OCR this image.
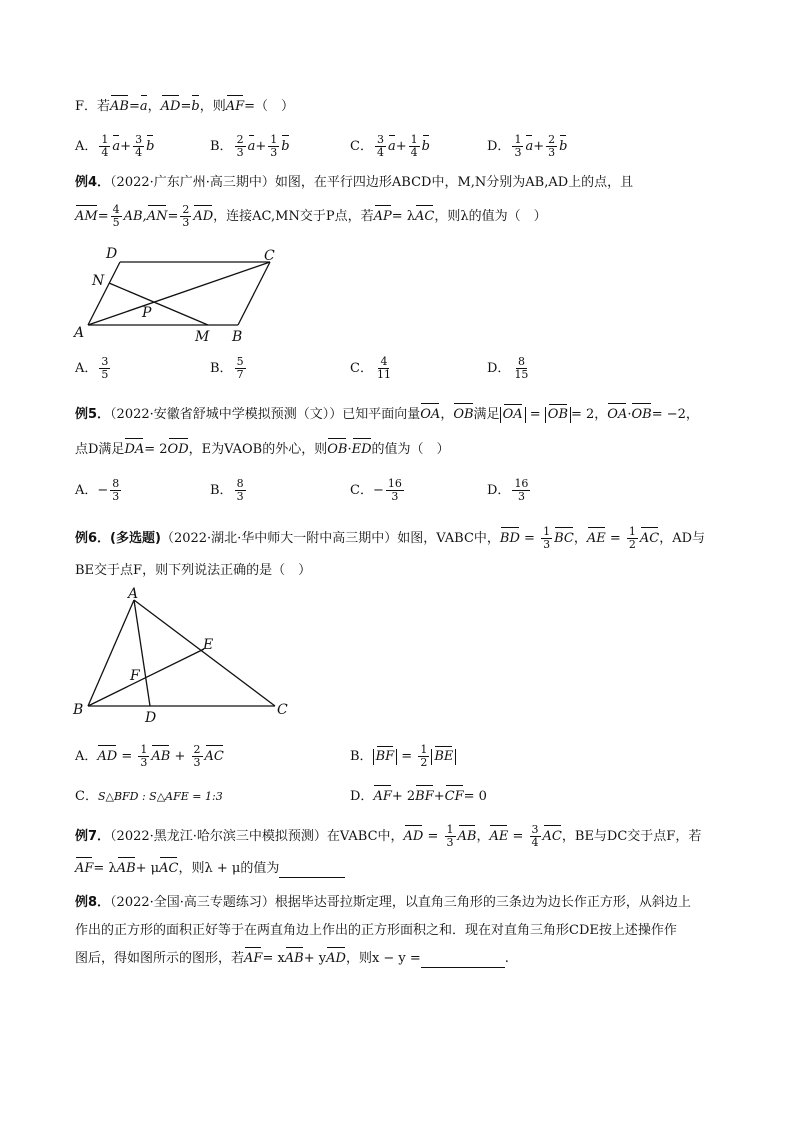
F．若AB=a，AD=b，则AF=（　）
A． $\frac{1}{4} a+ \frac{3}{4}$ b	B． $\frac{2}{3} a+ \frac{1}{3}$ b	C． $\frac{3}{4} a+ \frac{1}{4}$ b	D． $\frac{1}{3} a+ \frac{2}{3}$ b
例4．（2022·广东广州·高三期中）如图，在平行四边形ABCD中，M,N分别为AB,AD上的点，且
$AM= \frac{4}{5} AB,AN= \frac{2}{3}$ AD，连接AC,MN交于P点，若AP= λAC，则λ的值为（　）
D	C
N
P
A	M B
A． $\frac{3}{5}$	B． $\frac{5}{7}$	C． $\frac{4}{11}$	D． $\frac{8}{15}$
例5．（2022·安徽省舒城中学模拟预测（文））已知平面向量OA，OB满足 OA = OB = 2，OA·OB= −2，
点D满足DA= 2OD，E为VAOB的外心，则OB·ED的值为（　）
A．− $\frac{8}{3}$	B． $\frac{8}{3}$	C．− $\frac{16}{3}$	D． $\frac{16}{3}$
例6．(多选题)（2022·湖北·华中师大一附中高三期中）如图，VABC中，BD = $\frac{1}{3}$ BC，AE = $\frac{1}{2}$ AC，AD与
BE交于点F，则下列说法正确的是（　）
A
E
F
B	D	C
A．AD = $\frac{1}{3}$ AB + $\frac{2}{3}$ AC	B． BF = $\frac{1}{2}$ BE
C．S△BFD : S△AFE = 1:3	D．AF+ 2BF+CF= 0
例7．（2022·黑龙江·哈尔滨三中模拟预测）在VABC中，AD = $\frac{1}{3}$ AB，AE = $\frac{3}{4}$ AC，BE与DC交于点F，若
AF= λAB+ μAC，则λ + μ的值为
例8．（2022·全国·高三专题练习）根据毕达哥拉斯定理，以直角三角形的三条边为边长作正方形，从斜边上
作出的正方形的面积正好等于在两直角边上作出的正方形面积之和．现在对直角三角形CDE按上述操作作
图后，得如图所示的图形，若AF= xAB+ yAD，则x − y =	.
